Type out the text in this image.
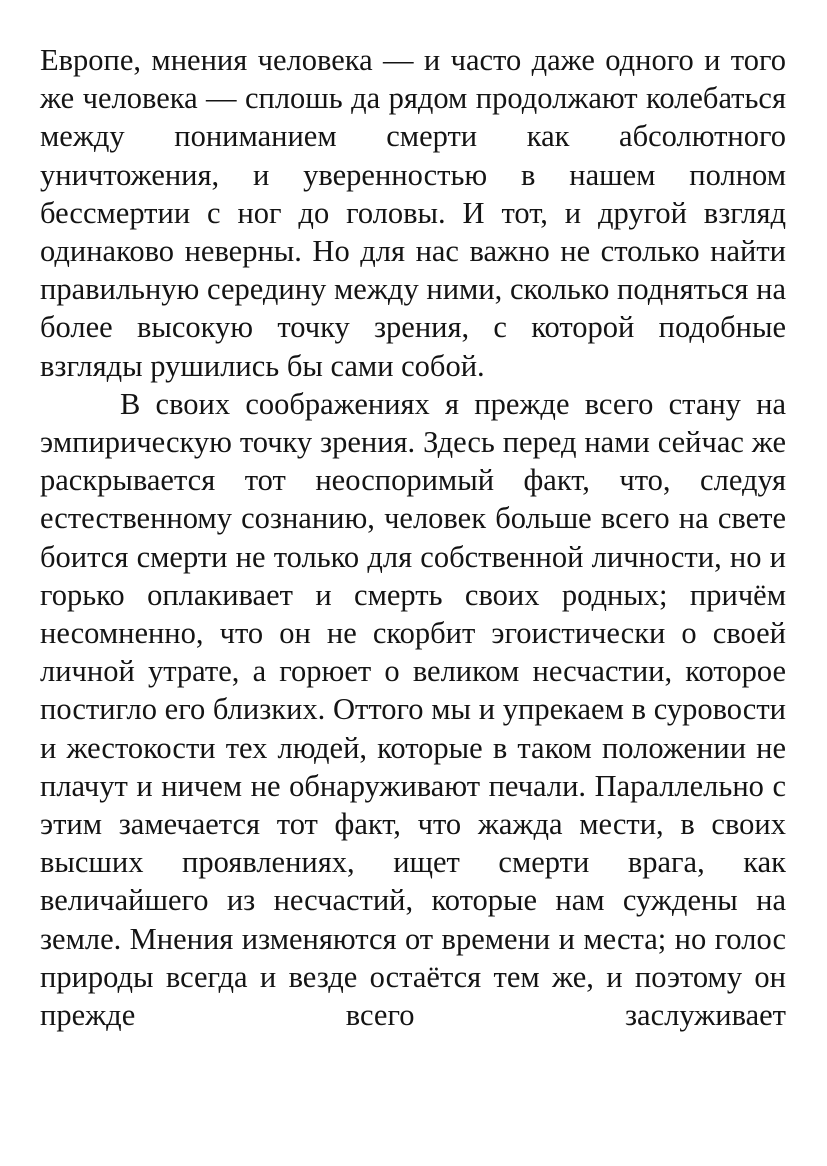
Европе, мнения человека — и часто даже одного и того же человека — сплошь да рядом продолжают колебаться между пониманием смерти как абсолютного уничтожения, и уверенностью в нашем полном бессмертии с ног до головы. И тот, и другой взгляд одинаково неверны. Но для нас важно не столько найти правильную середину между ними, сколько подняться на более высокую точку зрения, с которой подобные взгляды рушились бы сами собой.

В своих соображениях я прежде всего стану на эмпирическую точку зрения. Здесь перед нами сейчас же раскрывается тот неоспоримый факт, что, следуя естественному сознанию, человек больше всего на свете боится смерти не только для собственной личности, но и горько оплакивает и смерть своих родных; причём несомненно, что он не скорбит эгоистически о своей личной утрате, а горюет о великом несчастии, которое постигло его близких. Оттого мы и упрекаем в суровости и жестокости тех людей, которые в таком положении не плачут и ничем не обнаруживают печали. Параллельно с этим замечается тот факт, что жажда мести, в своих высших проявлениях, ищет смерти врага, как величайшего из несчастий, которые нам суждены на земле. Мнения изменяются от времени и места; но голос природы всегда и везде остаётся тем же, и поэтому он прежде всего заслуживает
